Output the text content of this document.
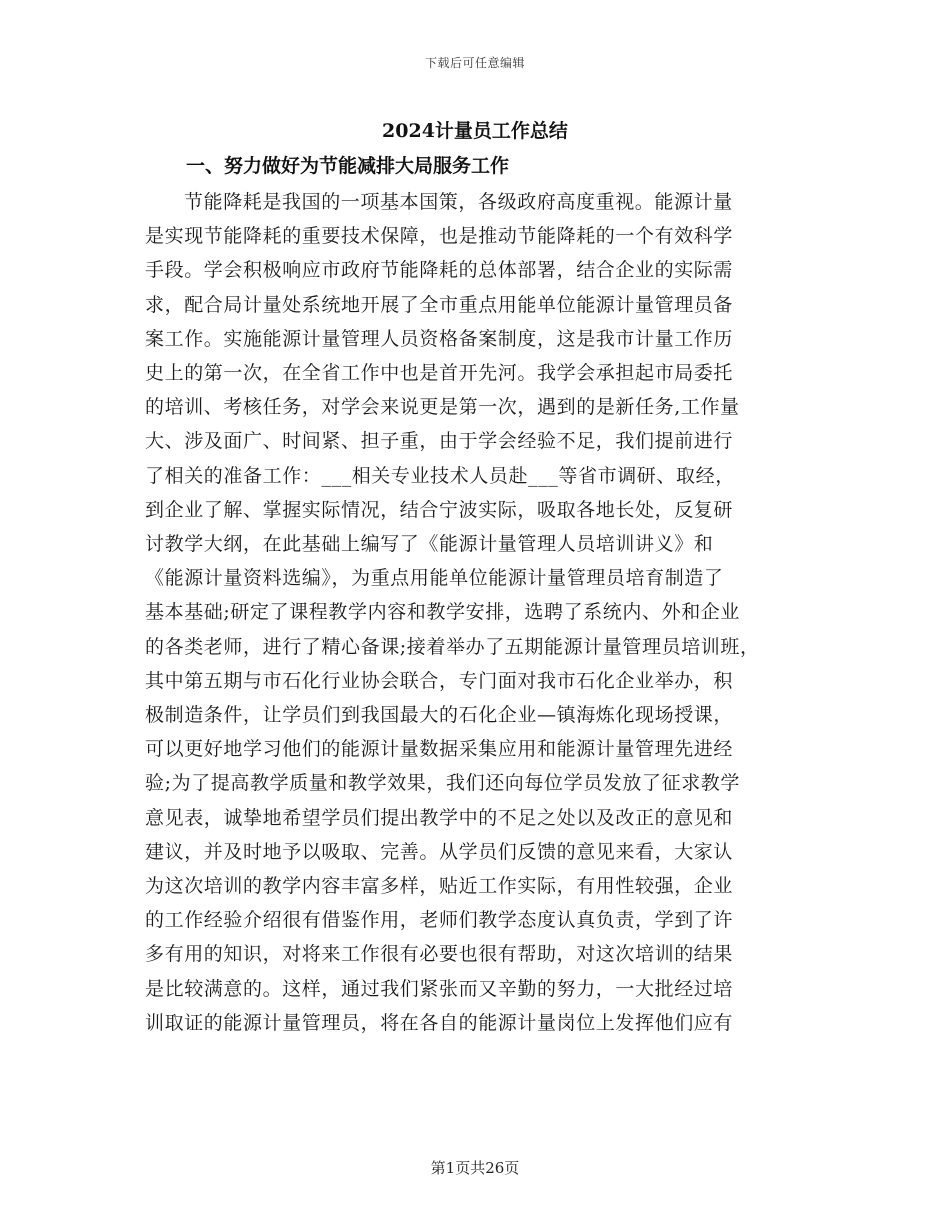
下载后可任意编辑
2024计量员工作总结
一、努力做好为节能减排大局服务工作
节能降耗是我国的一项基本国策，各级政府高度重视。能源计量
是实现节能降耗的重要技术保障，也是推动节能降耗的一个有效科学
手段。学会积极响应市政府节能降耗的总体部署，结合企业的实际需
求，配合局计量处系统地开展了全市重点用能单位能源计量管理员备
案工作。实施能源计量管理人员资格备案制度，这是我市计量工作历
史上的第一次，在全省工作中也是首开先河。我学会承担起市局委托
的培训、考核任务，对学会来说更是第一次，遇到的是新任务,工作量
大、涉及面广、时间紧、担子重，由于学会经验不足，我们提前进行
了相关的准备工作：___相关专业技术人员赴___等省市调研、取经，
到企业了解、掌握实际情况，结合宁波实际，吸取各地长处，反复研
讨教学大纲，在此基础上编写了《能源计量管理人员培训讲义》和
《能源计量资料选编》，为重点用能单位能源计量管理员培育制造了
基本基础;研定了课程教学内容和教学安排，选聘了系统内、外和企业
的各类老师，进行了精心备课;接着举办了五期能源计量管理员培训班，
其中第五期与市石化行业协会联合，专门面对我市石化企业举办，积
极制造条件，让学员们到我国最大的石化企业—镇海炼化现场授课，
可以更好地学习他们的能源计量数据采集应用和能源计量管理先进经
验;为了提高教学质量和教学效果，我们还向每位学员发放了征求教学
意见表，诚挚地希望学员们提出教学中的不足之处以及改正的意见和
建议，并及时地予以吸取、完善。从学员们反馈的意见来看，大家认
为这次培训的教学内容丰富多样，贴近工作实际，有用性较强，企业
的工作经验介绍很有借鉴作用，老师们教学态度认真负责，学到了许
多有用的知识，对将来工作很有必要也很有帮助，对这次培训的结果
是比较满意的。这样，通过我们紧张而又辛勤的努力，一大批经过培
训取证的能源计量管理员，将在各自的能源计量岗位上发挥他们应有
第1页共26页
